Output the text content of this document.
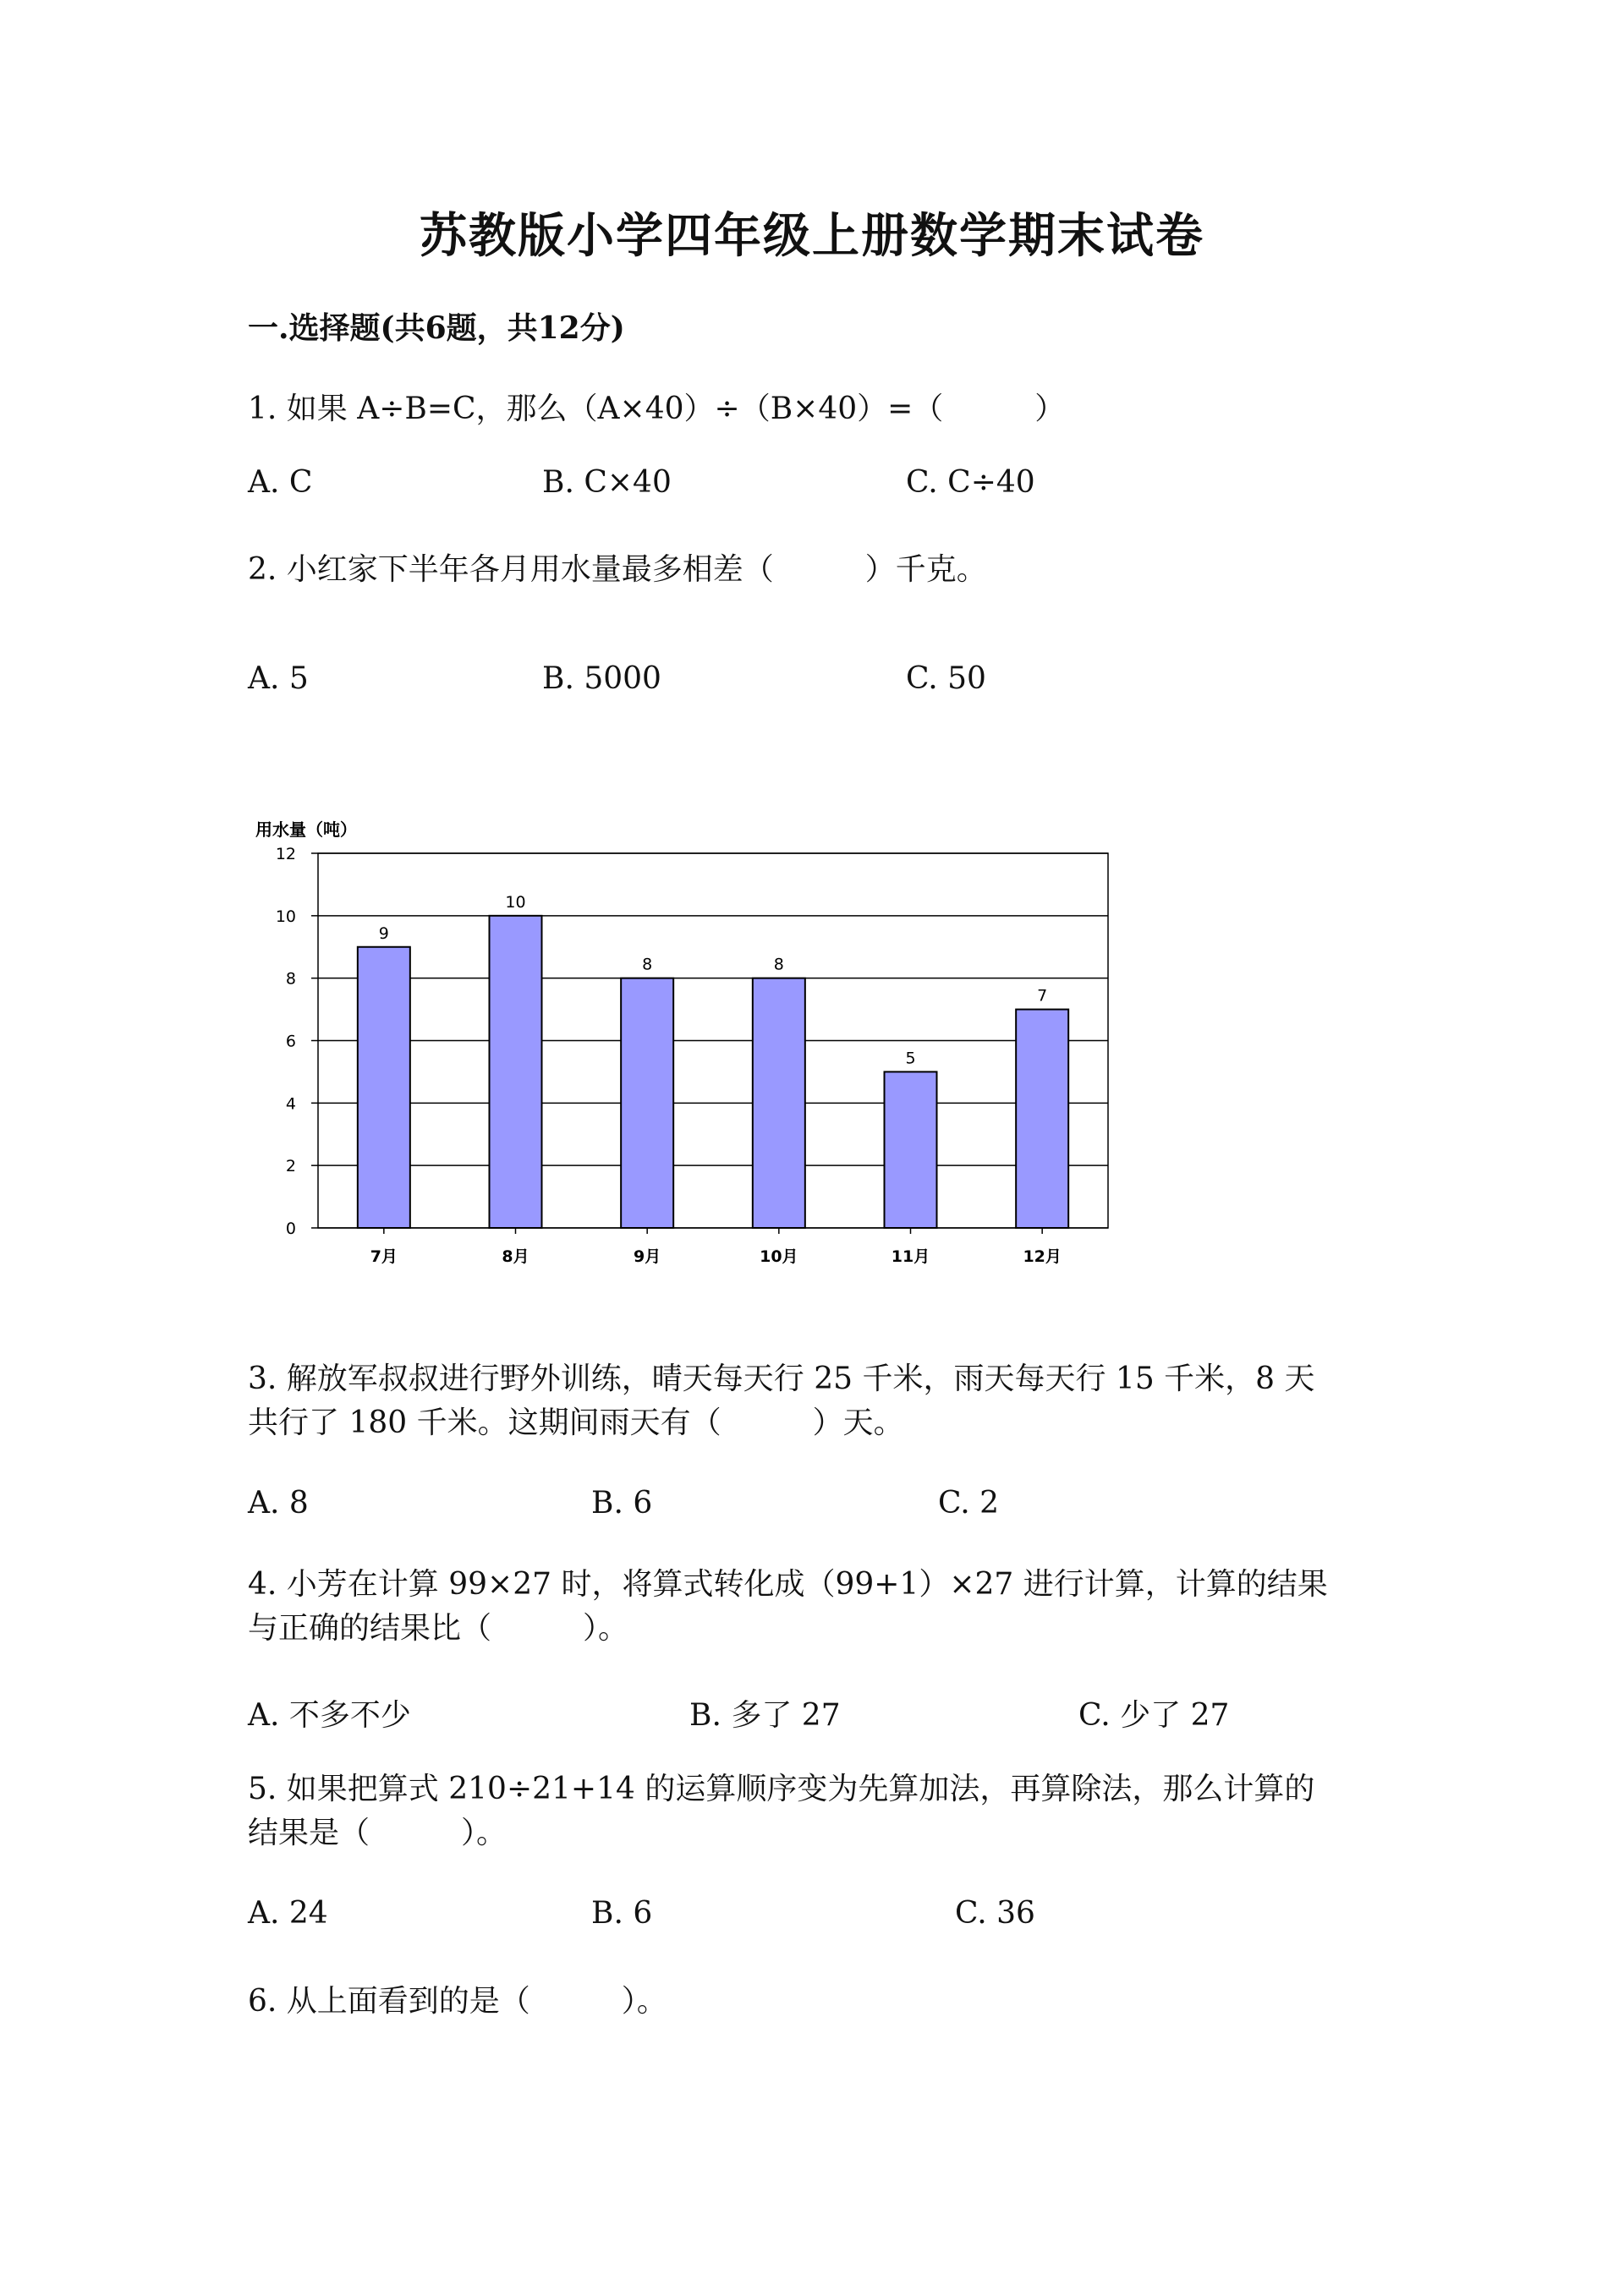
苏教版小学四年级上册数学期末试卷
一.选择题(共6题，共12分)
1. 如果 A÷B=C，那么（A×40）÷（B×40）=（　　　）
A. C	B. C×40	C. C÷40
2. 小红家下半年各月用水量最多相差（　　　）千克。
A. 5	B. 5000	C. 50
用水量（吨）
0
2
4
6
8
10
12
9
7月
10
8月
8
9月
8
10月
5
11月
7
12月
3. 解放军叔叔进行野外训练，晴天每天行 25 千米，雨天每天行 15 千米，8 天
共行了 180 千米。这期间雨天有（　　　）天。
A. 8	B. 6	C. 2
4. 小芳在计算 99×27 时，将算式转化成（99+1）×27 进行计算，计算的结果
与正确的结果比（　　　）。
A. 不多不少	B. 多了 27	C. 少了 27
5. 如果把算式 210÷21+14 的运算顺序变为先算加法，再算除法，那么计算的
结果是（　　　）。
A. 24	B. 6	C. 36
6. 从上面看到的是（　　　）。
